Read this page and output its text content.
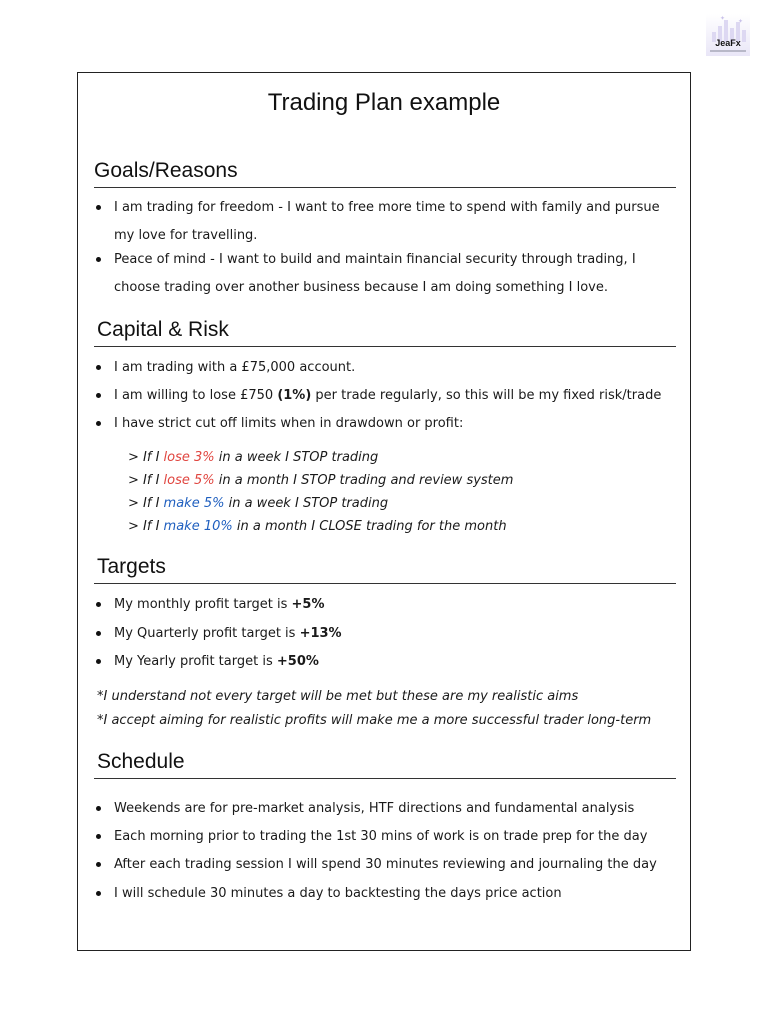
✦ ✦
JeaFx
Trading Plan example
Goals/Reasons
I am trading for freedom - I want to free more time to spend with family and pursue
my love for travelling.
Peace of mind - I want to build and maintain financial security through trading, I
choose trading over another business because I am doing something I love.
Capital & Risk
I am trading with a £75,000 account.
I am willing to lose £750 (1%) per trade regularly, so this will be my fixed risk/trade
I have strict cut off limits when in drawdown or profit:
> If I lose 3% in a week I STOP trading
> If I lose 5% in a month I STOP trading and review system
> If I make 5% in a week I STOP trading
> If I make 10% in a month I CLOSE trading for the month
Targets
My monthly profit target is +5%
My Quarterly profit target is +13%
My Yearly profit target is +50%
*I understand not every target will be met but these are my realistic aims
*I accept aiming for realistic profits will make me a more successful trader long-term
Schedule
Weekends are for pre-market analysis, HTF directions and fundamental analysis
Each morning prior to trading the 1st 30 mins of work is on trade prep for the day
After each trading session I will spend 30 minutes reviewing and journaling the day
I will schedule 30 minutes a day to backtesting the days price action
